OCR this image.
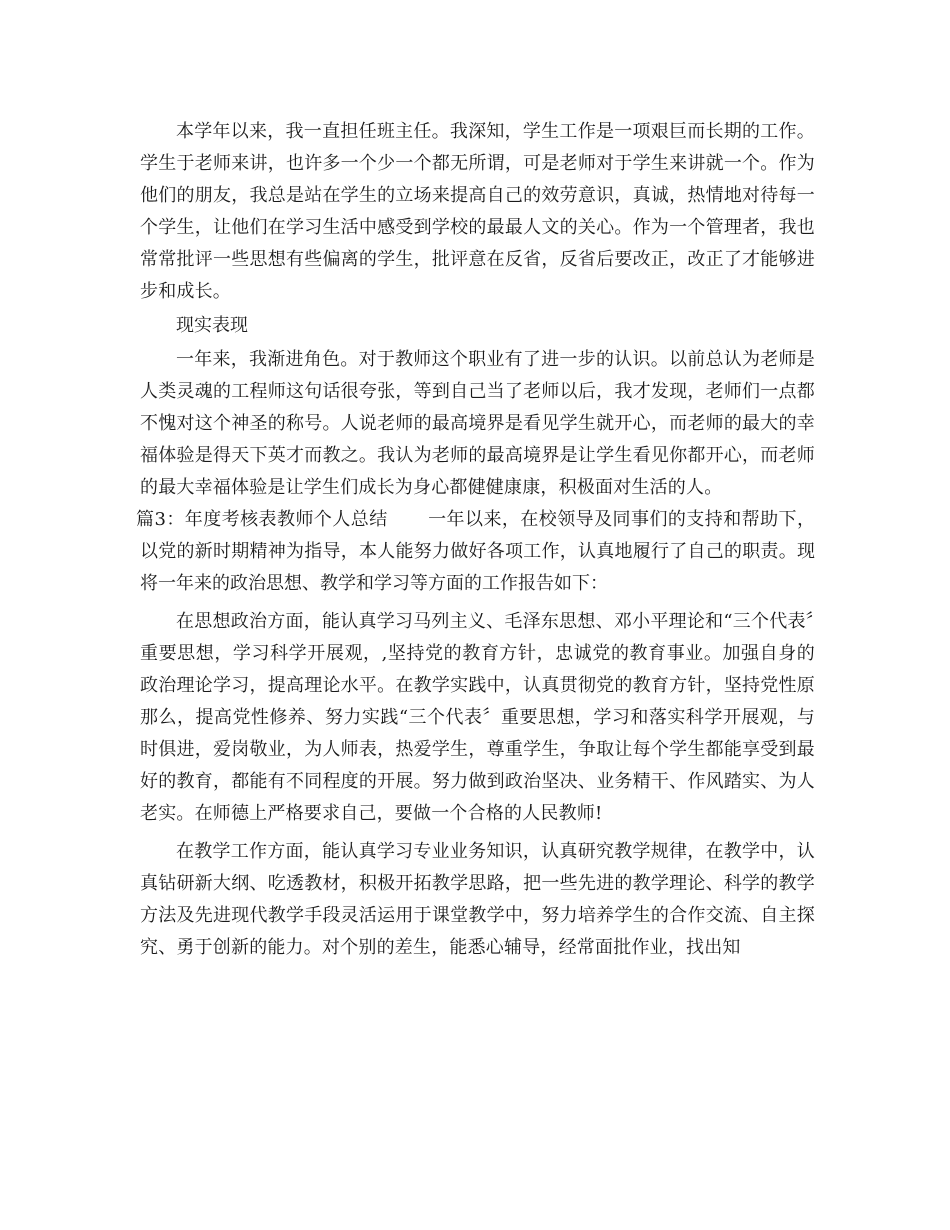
本学年以来，我一直担任班主任。我深知，学生工作是一项艰巨而长期的工作。学生于老师来讲，也许多一个少一个都无所谓，可是老师对于学生来讲就一个。作为他们的朋友，我总是站在学生的立场来提高自己的效劳意识，真诚，热情地对待每一个学生，让他们在学习生活中感受到学校的最最人文的关心。作为一个管理者，我也常常批评一些思想有些偏离的学生，批评意在反省，反省后要改正，改正了才能够进步和成长。

现实表现

一年来，我渐进角色。对于教师这个职业有了进一步的认识。以前总认为老师是人类灵魂的工程师这句话很夸张，等到自己当了老师以后，我才发现，老师们一点都不愧对这个神圣的称号。人说老师的最高境界是看见学生就开心，而老师的最大的幸福体验是得天下英才而教之。我认为老师的最高境界是让学生看见你都开心，而老师的最大幸福体验是让学生们成长为身心都健健康康，积极面对生活的人。

篇3：年度考核表教师个人总结 一年以来，在校领导及同事们的支持和帮助下，以党的新时期精神为指导，本人能努力做好各项工作，认真地履行了自己的职责。现将一年来的政治思想、教学和学习等方面的工作报告如下：

在思想政治方面，能认真学习马列主义、毛泽东思想、邓小平理论和“三个代表〞重要思想，学习科学开展观，,坚持党的教育方针，忠诚党的教育事业。加强自身的政治理论学习，提高理论水平。在教学实践中，认真贯彻党的教育方针，坚持党性原那么，提高党性修养、努力实践“三个代表〞重要思想，学习和落实科学开展观，与时俱进，爱岗敬业，为人师表，热爱学生，尊重学生，争取让每个学生都能享受到最好的教育，都能有不同程度的开展。努力做到政治坚决、业务精干、作风踏实、为人老实。在师德上严格要求自己，要做一个合格的人民教师!

在教学工作方面，能认真学习专业业务知识，认真研究教学规律，在教学中，认真钻研新大纲、吃透教材，积极开拓教学思路，把一些先进的教学理论、科学的教学方法及先进现代教学手段灵活运用于课堂教学中，努力培养学生的合作交流、自主探究、勇于创新的能力。对个别的差生，能悉心辅导，经常面批作业，找出知
